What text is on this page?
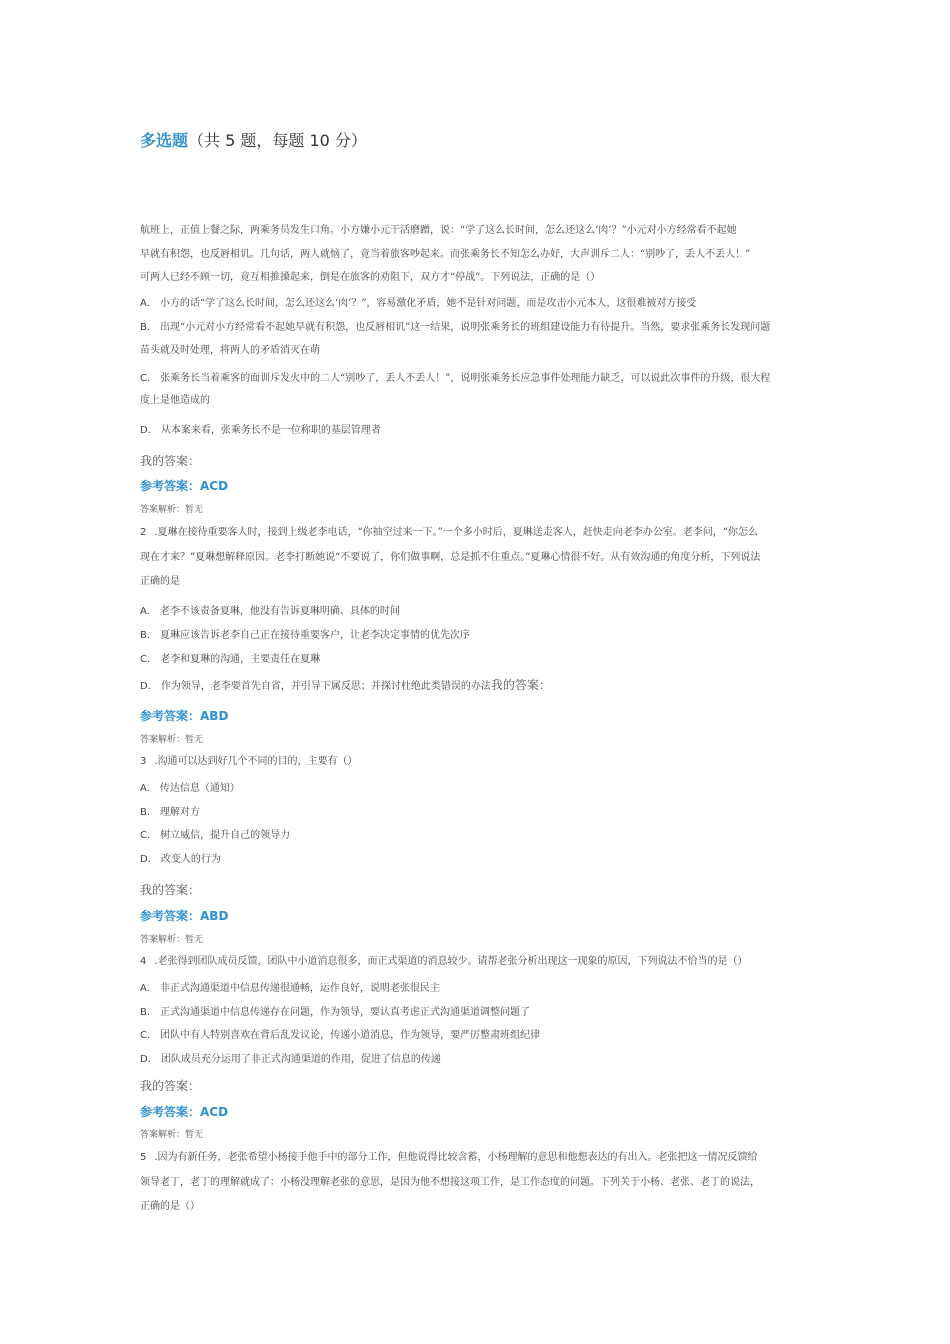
多选题（共 5 题，每题 10 分）
航班上，正值上餐之际，两乘务员发生口角。小方嫌小元干活磨蹭，说：“学了这么长时间，怎么还这么‘肉’？”小元对小方经常看不起她
早就有积怨，也反唇相讥。几句话，两人就恼了，竟当着旅客吵起来。而张乘务长不知怎么办好，大声训斥二人：“别吵了，丢人不丢人！”
可两人已经不顾一切，竟互相推搡起来，倒是在旅客的劝阻下，双方才“停战”。下列说法，正确的是（）
A. 小方的话“学了这么长时间，怎么还这么‘肉’？”，容易激化矛盾，她不是针对问题，而是攻击小元本人，这很难被对方接受
B. 出现“小元对小方经常看不起她早就有积怨，也反唇相讥”这一结果，说明张乘务长的班组建设能力有待提升。当然，要求张乘务长发现问题
苗头就及时处理，将两人的矛盾消灭在萌
C. 张乘务长当着乘客的面训斥发火中的二人“别吵了，丢人不丢人！”，说明张乘务长应急事件处理能力缺乏，可以说此次事件的升级，很大程
度上是他造成的
D. 从本案来看，张乘务长不是一位称职的基层管理者
我的答案：
参考答案：ACD
答案解析：暂无
2 .夏琳在接待重要客人时，接到上级老李电话，“你抽空过来一下。”一个多小时后，夏琳送走客人，赶快走向老李办公室。老李问，“你怎么
现在才来？”夏琳想解释原因。老李打断她说“不要说了，你们做事啊，总是抓不住重点。”夏琳心情很不好。从有效沟通的角度分析，下列说法
正确的是
A. 老李不该责备夏琳，他没有告诉夏琳明确、具体的时间
B. 夏琳应该告诉老李自己正在接待重要客户，让老李决定事情的优先次序
C. 老李和夏琳的沟通，主要责任在夏琳
D. 作为领导，老李要首先自省，并引导下属反思；并探讨杜绝此类错误的办法我的答案：
参考答案：ABD
答案解析：暂无
3 .沟通可以达到好几个不同的目的，主要有（）
A. 传达信息（通知）
B. 理解对方
C. 树立威信，提升自己的领导力
D. 改变人的行为
我的答案：
参考答案：ABD
答案解析：暂无
4 .老张得到团队成员反馈，团队中小道消息很多，而正式渠道的消息较少。请帮老张分析出现这一现象的原因，下列说法不恰当的是（）
A. 非正式沟通渠道中信息传递很通畅，运作良好，说明老张很民主
B. 正式沟通渠道中信息传递存在问题，作为领导，要认真考虑正式沟通渠道调整问题了
C. 团队中有人特别喜欢在背后乱发议论，传递小道消息，作为领导，要严厉整肃班组纪律
D. 团队成员充分运用了非正式沟通渠道的作用，促进了信息的传递
我的答案：
参考答案：ACD
答案解析：暂无
5 .因为有新任务，老张希望小杨接手他手中的部分工作，但他说得比较含蓄，小杨理解的意思和他想表达的有出入。老张把这一情况反馈给
领导老丁，老丁的理解就成了：小杨没理解老张的意思，是因为他不想接这项工作，是工作态度的问题。下列关于小杨、老张、老丁的说法，
正确的是（）
